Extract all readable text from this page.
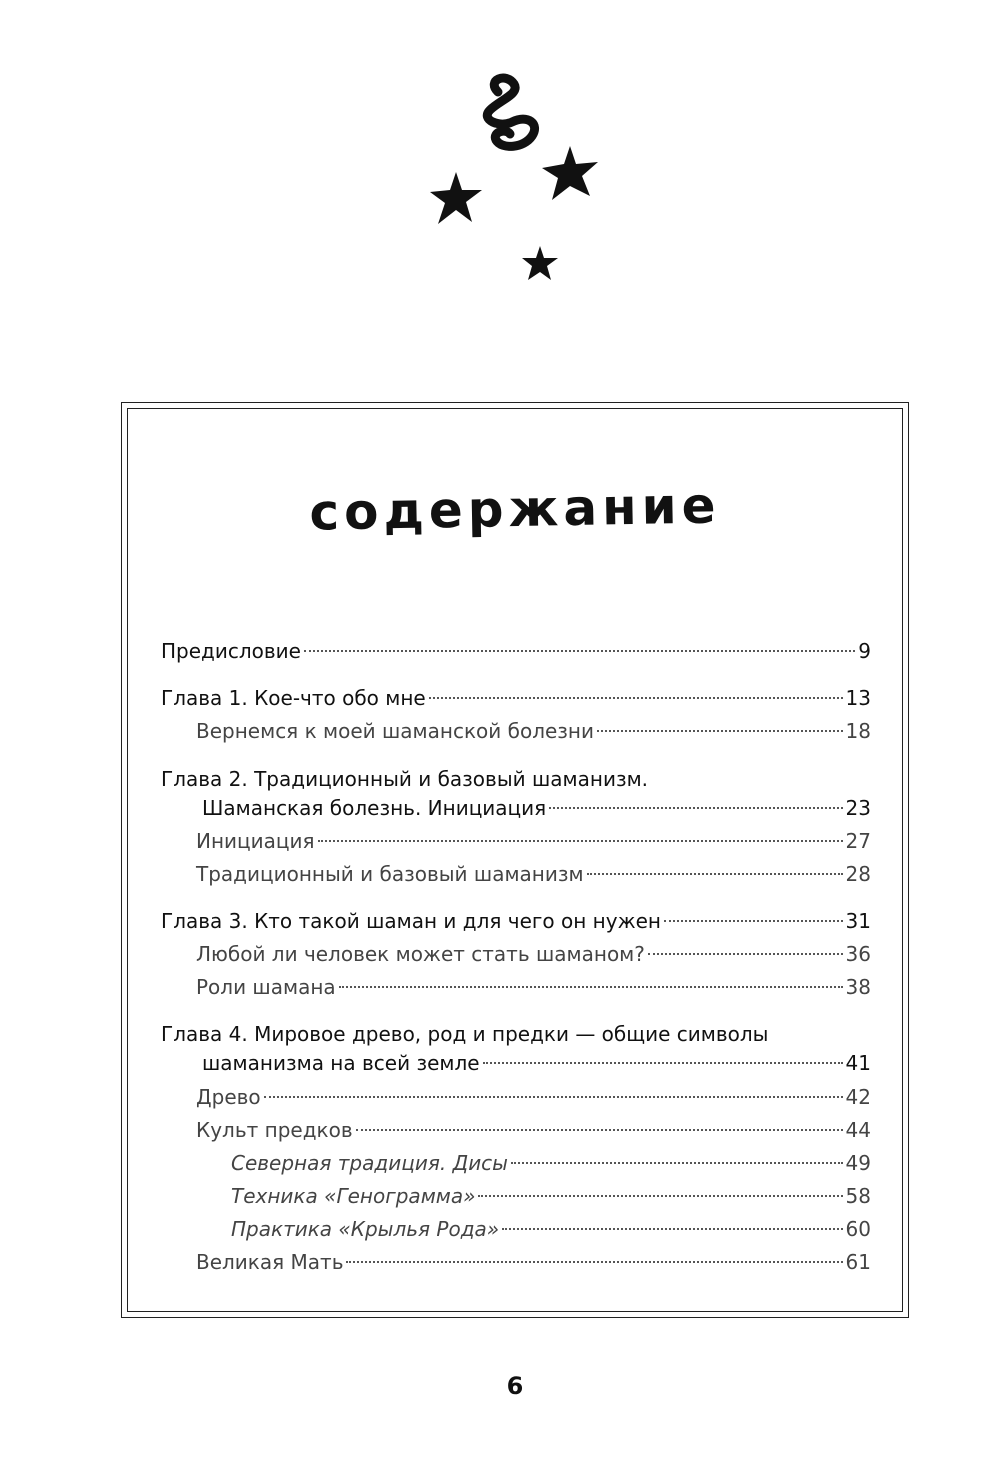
содержание
Предисловие	9
Глава 1. Кое-что обо мне	13
Вернемся к моей шаманской болезни	18
Глава 2. Традиционный и базовый шаманизм.
Шаманская болезнь. Инициация	23
Инициация	27
Традиционный и базовый шаманизм	28
Глава 3. Кто такой шаман и для чего он нужен	31
Любой ли человек может стать шаманом?	36
Роли шамана	38
Глава 4. Мировое древо, род и предки — общие символы
шаманизма на всей земле	41
Древо	42
Культ предков	44
Северная традиция. Дисы	49
Техника «Генограмма»	58
Практика «Крылья Рода»	60
Великая Мать	61
6
